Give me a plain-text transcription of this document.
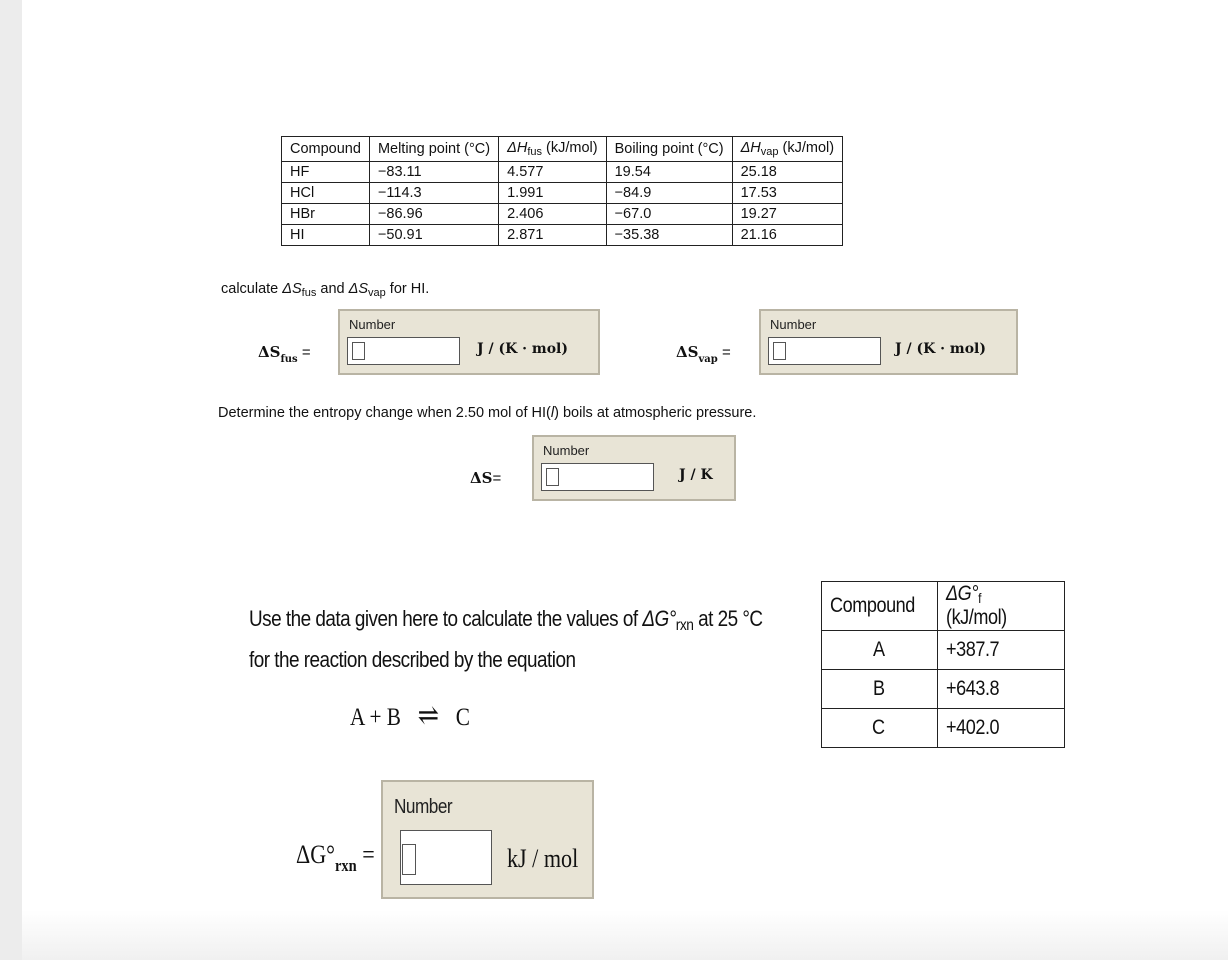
Compound	Melting point (°C)	$\Delta H_{fus}$ (kJ/mol)	Boiling point (°C)	$\Delta H_{vap}$ (kJ/mol)
HF	−83.11	4.577	19.54	25.18
HCl	−114.3	1.991	−84.9	17.53
HBr	−86.96	2.406	−67.0	19.27
HI	−50.91	2.871	−35.38	21.16
calculate $\Delta S_{fus}$ and $\Delta S_{vap}$ for HI.
$\Delta S_{fus}$ =
Number
J / (K · mol)	$\Delta S_{vap}$ =
Number
J / (K · mol)
Determine the entropy change when 2.50 mol of HI(l) boils at atmospheric pressure.
ΔS=
Number
J / K
Use the data given here to calculate the values of $\Delta G^\circ_{rxn}$ at 25 °C
for the reaction described by the equation
A + B ⇌ C
Compound	$\Delta G^\circ_f$ (kJ/mol)
A	+387.7
B	+643.8
C	+402.0
$\Delta G^\circ_{rxn}$ =
Number
kJ / mol
